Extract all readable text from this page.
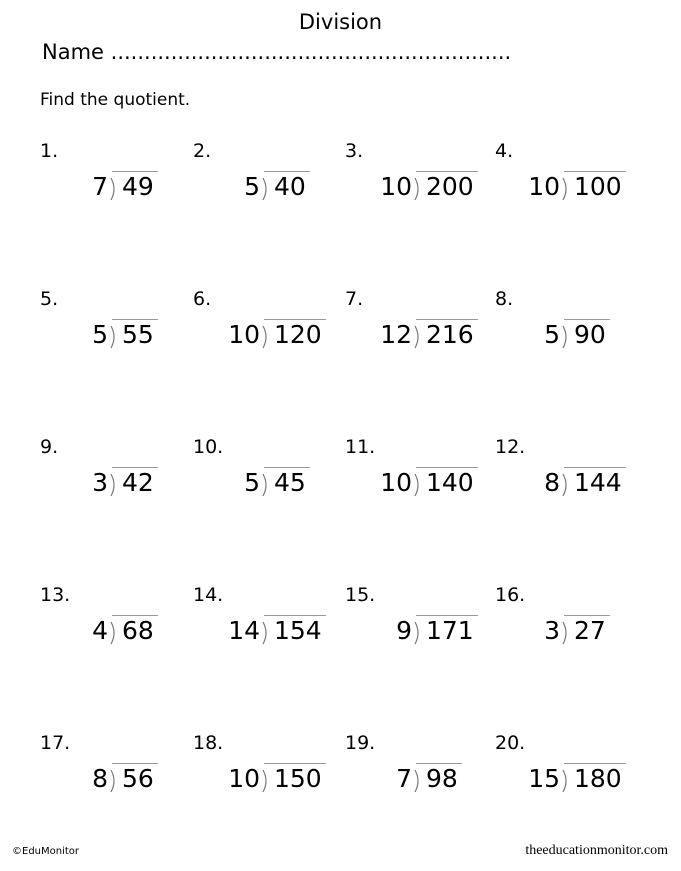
Division
Name ............................................................
Find the quotient.
1.
7 49
2.
5 40
3.
10 200
4.
10 100
5.
5 55
6.
10 120
7.
12 216
8.
5 90
9.
3 42
10.
5 45
11.
10 140
12.
8 144
13.
4 68
14.
14 154
15.
9 171
16.
3 27
17.
8 56
18.
10 150
19.
7 98
20.
15 180
©EduMonitor	theeducationmonitor.com
